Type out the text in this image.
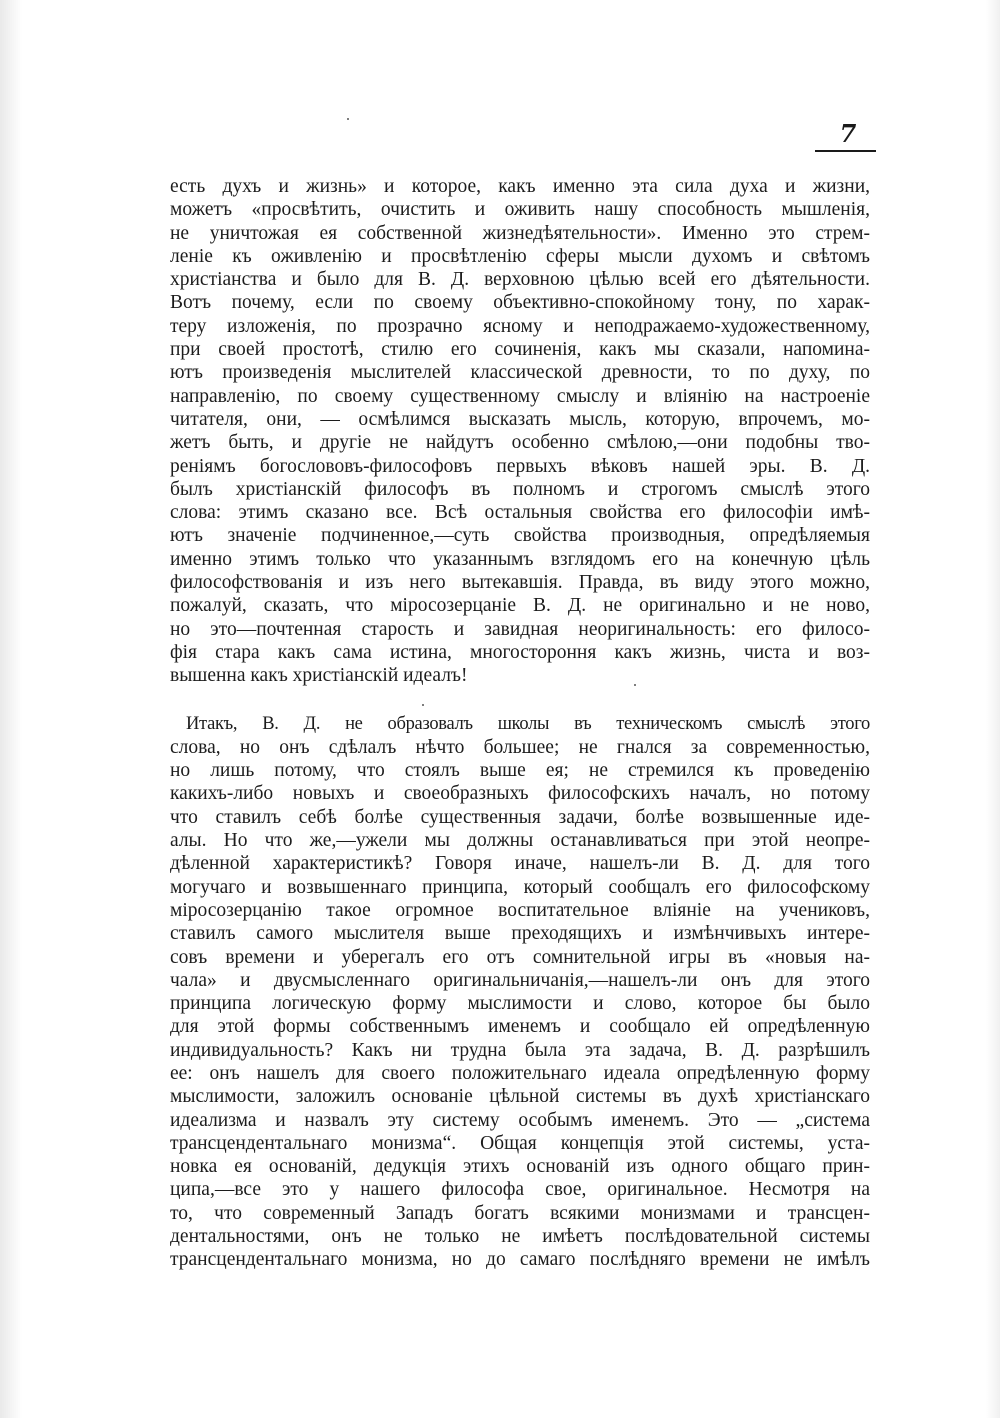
7
есть духъ и жизнь» и которое, какъ именно эта сила духа и жизни,
можетъ «просвѣтить, очистить и оживить нашу способность мышленія,
не уничтожая ея собственной жизнедѣятельности». Именно это стрем-
леніе къ оживленію и просвѣтленію сферы мысли духомъ и свѣтомъ
христіанства и было для В. Д. верховною цѣлью всей его дѣятельности.
Вотъ почему, если по своему объективно-спокойному тону, по харак-
теру изложенія, по прозрачно ясному и неподражаемо-художественному,
при своей простотѣ, стилю его сочиненія, какъ мы сказали, напомина-
ютъ произведенія мыслителей классической древности, то по духу, по
направленію, по своему существенному смыслу и вліянію на настроеніе
читателя, они, — осмѣлимся высказать мысль, которую, впрочемъ, мо-
жетъ быть, и другіе не найдутъ особенно смѣлою,—они подобны тво-
реніямъ богослововъ-философовъ первыхъ вѣковъ нашей эры. В. Д.
былъ христіанскій философъ въ полномъ и строгомъ смыслѣ этого
слова: этимъ сказано все. Всѣ остальныя свойства его философіи имѣ-
ютъ значеніе подчиненное,—суть свойства производныя, опредѣляемыя
именно этимъ только что указаннымъ взглядомъ его на конечную цѣль
философствованія и изъ него вытекавшія. Правда, въ виду этого можно,
пожалуй, сказать, что міросозерцаніе В. Д. не оригинально и не ново,
но это—почтенная старость и завидная неоригинальность: его филосо-
фія стара какъ сама истина, многостороння какъ жизнь, чиста и воз-
вышенна какъ христіанскій идеалъ!
Итакъ, В. Д. не образовалъ школы въ техническомъ смыслѣ этого
слова, но онъ сдѣлалъ нѣчто большее; не гнался за современностью,
но лишь потому, что стоялъ выше ея; не стремился къ проведенію
какихъ-либо новыхъ и своеобразныхъ философскихъ началъ, но потому
что ставилъ себѣ болѣе существенныя задачи, болѣе возвышенные иде-
алы. Но что же,—ужели мы должны останавливаться при этой неопре-
дѣленной характеристикѣ? Говоря иначе, нашелъ-ли В. Д. для того
могучаго и возвышеннаго принципа, который сообщалъ его философскому
міросозерцанію такое огромное воспитательное вліяніе на учениковъ,
ставилъ самого мыслителя выше преходящихъ и измѣнчивыхъ интере-
совъ времени и уберегалъ его отъ сомнительной игры въ «новыя на-
чала» и двусмысленнаго оригинальничанія,—нашелъ-ли онъ для этого
принципа логическую форму мыслимости и слово, которое бы было
для этой формы собственнымъ именемъ и сообщало ей опредѣленную
индивидуальность? Какъ ни трудна была эта задача, В. Д. разрѣшилъ
ее: онъ нашелъ для своего положительнаго идеала опредѣленную форму
мыслимости, заложилъ основаніе цѣльной системы въ духѣ христіанскаго
идеализма и назвалъ эту систему особымъ именемъ. Это — „система
трансцендентальнаго монизма“. Общая концепція этой системы, уста-
новка ея основаній, дедукція этихъ основаній изъ одного общаго прин-
ципа,—все это у нашего философа свое, оригинальное. Несмотря на
то, что современный Западъ богатъ всякими монизмами и трансцен-
дентальностями, онъ не только не имѣетъ послѣдовательной системы
трансцендентальнаго монизма, но до самаго послѣдняго времени не имѣлъ
